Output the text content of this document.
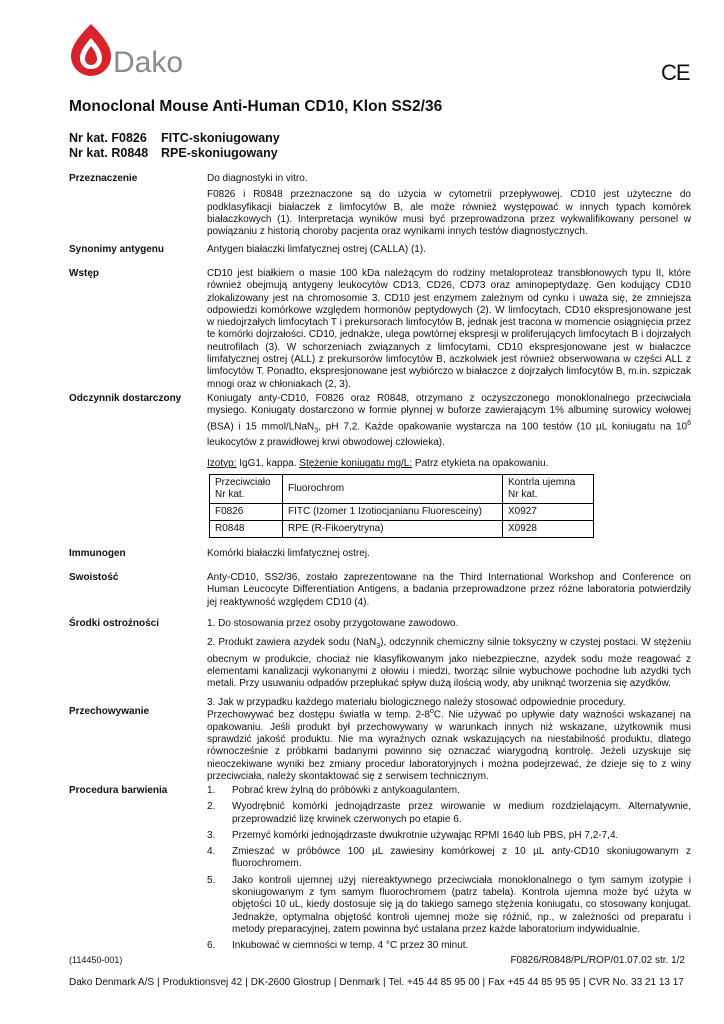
Dako	CE
Monoclonal Mouse Anti-Human CD10, Klon SS2/36
Nr kat. F0826 FITC-skoniugowany
Nr kat. R0848 RPE-skoniugowany
Przeznaczenie	Do diagnostyki in vitro.

F0826 i R0848 przeznaczone są do użycia w cytometrii przepływowej. CD10 jest użyteczne do podklasyfikacji białaczek z limfocytów B, ale może również występować w innych typach komórek białaczkowych (1). Interpretacja wyników musi być przeprowadzona przez wykwalifikowany personel w powiązaniu z historią choroby pacjenta oraz wynikami innych testów diagnostycznych.

Synonimy antygenu	Antygen białaczki limfatycznej ostrej (CALLA) (1).
Wstęp	CD10 jest białkiem o masie 100 kDa należącym do rodziny metaloproteaz transbłonowych typu II, które również obejmują antygeny leukocytów CD13, CD26, CD73 oraz aminopeptydazę. Gen kodujący CD10 zlokalizowany jest na chromosomie 3. CD10 jest enzymem zależnym od cynku i uważa się, że zmniejsza odpowiedzi komórkowe względem hormonów peptydowych (2). W limfocytach, CD10 ekspresjonowane jest w niedojrzałych limfocytach T i prekursorach limfocytów B, jednak jest tracona w momencie osiągnięcia przez te komórki dojrzałości. CD10, jednakże, ulega powtórnej ekspresji w proliferujących limfocytach B i dojrzałych neutrofilach (3). W schorzeniach związanych z limfocytami, CD10 ekspresjonowane jest w białaczce limfatycznej ostrej (ALL) z prekursorów limfocytów B, aczkolwiek jest również obserwowana w części ALL z limfocytów T. Ponadto, ekspresjonowane jest wybiórczo w białaczce z dojrzałych limfocytów B, m.in. szpiczak mnogi oraz w chłoniakach (2, 3).
Odczynnik dostarczony	Koniugaty anty-CD10, F0826 oraz R0848, otrzymano z oczyszczonego monoklonalnego przeciwciała mysiego. Koniugaty dostarczono w formie płynnej w buforze zawierającym 1% albuminę surowicy wołowej (BSA) i 15 mmol/LNaN$_3$, pH 7,2. Każde opakowanie wystarcza na 100 testów (10 µL koniugatu na $10^6$ leukocytów z prawidłowej krwi obwodowej człowieka).

Izotyp: IgG1, kappa. Stężenie koniugatu mg/L: Patrz etykieta na opakowaniu.

Przeciwciało Nr kat.	Fluorochrom	Kontrla ujemna Nr kat.
F0826	FITC (Izomer 1 Izotiocjanianu Fluoresceiny)	X0927
R0848	RPE (R-Fikoerytryna)	X0928
Immunogen	Komórki białaczki limfatycznej ostrej.
Swoistość	Anty-CD10, SS2/36, zostało zaprezentowane na the Third International Workshop and Conference on Human Leucocyte Differentiation Antigens, a badania przeprowadzone przez różne laboratoria potwierdziły jej reaktywność względem CD10 (4).
Środki ostrożności	1. Do stosowania przez osoby przygotowane zawodowo.

2. Produkt zawiera azydek sodu (NaN$_3$), odczynnik chemiczny silnie toksyczny w czystej postaci. W stężeniu obecnym w produkcie, chociaż nie klasyfikowanym jako niebezpieczne, azydek sodu może reagować z elementami kanalizacji wykonanymi z ołowiu i miedzi, tworząc silnie wybuchowe pochodne lub azydki tych metali. Przy usuwaniu odpadów przepłukać spływ dużą ilością wody, aby uniknąć tworzenia się azydków.

3. Jak w przypadku każdego materiału biologicznego należy stosować odpowiednie procedury.

Przechowywanie	Przechowywać bez dostępu światła w temp. 2-8$^o$C. Nie używać po upływie daty ważności wskazanej na opakowaniu. Jeśli produkt był przechowywany w warunkach innych niż wskazane, użytkownik musi sprawdzić jakość produktu. Nie ma wyraźnych oznak wskazujących na niestabilność produktu, dlatego równocześnie z próbkami badanymi powinno się oznaczać wiarygodną kontrolę. Jeżeli uzyskuje się nieoczekiwane wyniki bez zmiany procedur laboratoryjnych i można podejrzewać, że dzieje się to z winy przeciwciała, należy skontaktować się z serwisem technicznym.

Procedura barwienia	1. Pobrać krew żylną do próbówki z antykoagulantem.
2. Wyodrębnić komórki jednojądrzaste przez wirowanie w medium rozdzielającym. Alternatywnie, przeprowadzić lizę krwinek czerwonych po etapie 6.
3. Przemyć komórki jednojądrzaste dwukrotnie używając RPMI 1640 lub PBS, pH 7,2-7,4.
4. Zmieszać w próbówce 100 µL zawiesiny komórkowej z 10 µL anty-CD10 skoniugowanym z fluorochromem.
5. Jako kontroli ujemnej użyj niereaktywnego przeciwciała monoklonalnego o tym samym izotypie i skoniugowanym z tym samym fluorochromem (patrz tabela). Kontrola ujemna może być użyta w objętości 10 uL, kiedy dostosuje się ją do takiego samego stężenia koniugatu, co stosowany konjugat. Jednakże, optymalna objętość kontroli ujemnej może się różnić, np., w zależności od preparatu i metody preparacyjnej, zatem powinna być ustalana przez każde laboratorium indywidualnie.
6. Inkubować w ciemności w temp. 4 °C przez 30 minut.
(114450-001)	F0826/R0848/PL/ROP/01.07.02 str. 1/2
Dako Denmark A/S | Produktionsvej 42 | DK-2600 Glostrup | Denmark | Tel. +45 44 85 95 00 | Fax +45 44 85 95 95 | CVR No. 33 21 13 17
